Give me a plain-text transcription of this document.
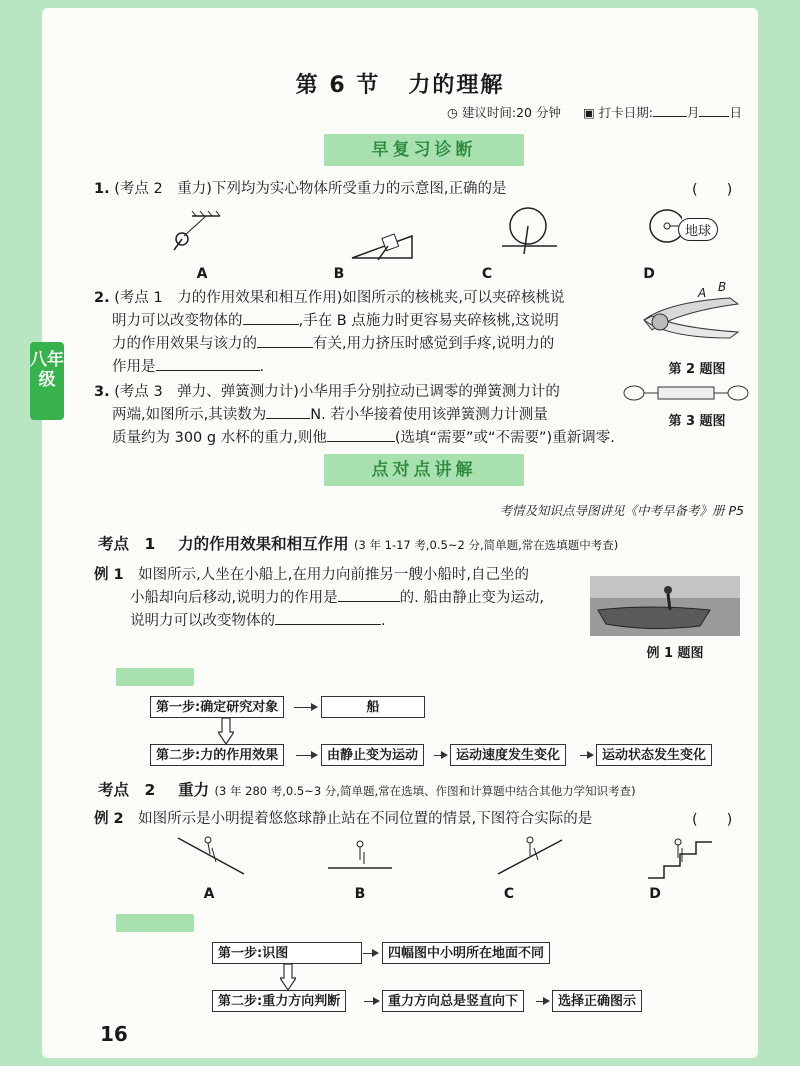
第 6 节 力的理解
◷ 建议时间:20 分钟 ▣ 打卡日期:	月 日
早复习诊断
1. (考点 2　重力)下列均为实心物体所受重力的示意图,正确的是	(　　)
地球
A	B	C	D
2. (考点 1　力的作用效果和相互作用)如图所示的核桃夹,可以夹碎核桃说
明力可以改变物体的	,手在 B 点施力时更容易夹碎核桃,这说明
力的作用效果与该力的	有关,用力挤压时感觉到手疼,说明力的
作用是	.
A B
第 2 题图
3. (考点 3　弹力、弹簧测力计)小华用手分别拉动已调零的弹簧测力计的
两端,如图所示,其读数为	N. 若小华接着使用该弹簧测力计测量
质量约为 300 g 水杯的重力,则他	(选填“需要”或“不需要”)重新调零.
第 3 题图
点对点讲解
考情及知识点导图讲见《中考早备考》册 P5
考点　1 力的作用效果和相互作用 (3 年 1-17 考,0.5~2 分,简单题,常在选填题中考查)
例 1　 如图所示,人坐在小船上,在用力向前推另一艘小船时,自己坐的
小船却向后移动,说明力的作用是	的. 船由静止变为运动,
说明力可以改变物体的	.
例 1 题图
第一步:确定研究对象	船
第二步:力的作用效果	由静止变为运动	运动速度发生变化	运动状态发生变化
考点　2 重力 (3 年 280 考,0.5~3 分,简单题,常在选填、作图和计算题中结合其他力学知识考查)
例 2　 如图所示是小明提着悠悠球静止站在不同位置的情景,下图符合实际的是	(　　)
A	B	C	D
第一步:识图	四幅图中小明所在地面不同
第二步:重力方向判断	重力方向总是竖直向下	选择正确图示
16
八年级
